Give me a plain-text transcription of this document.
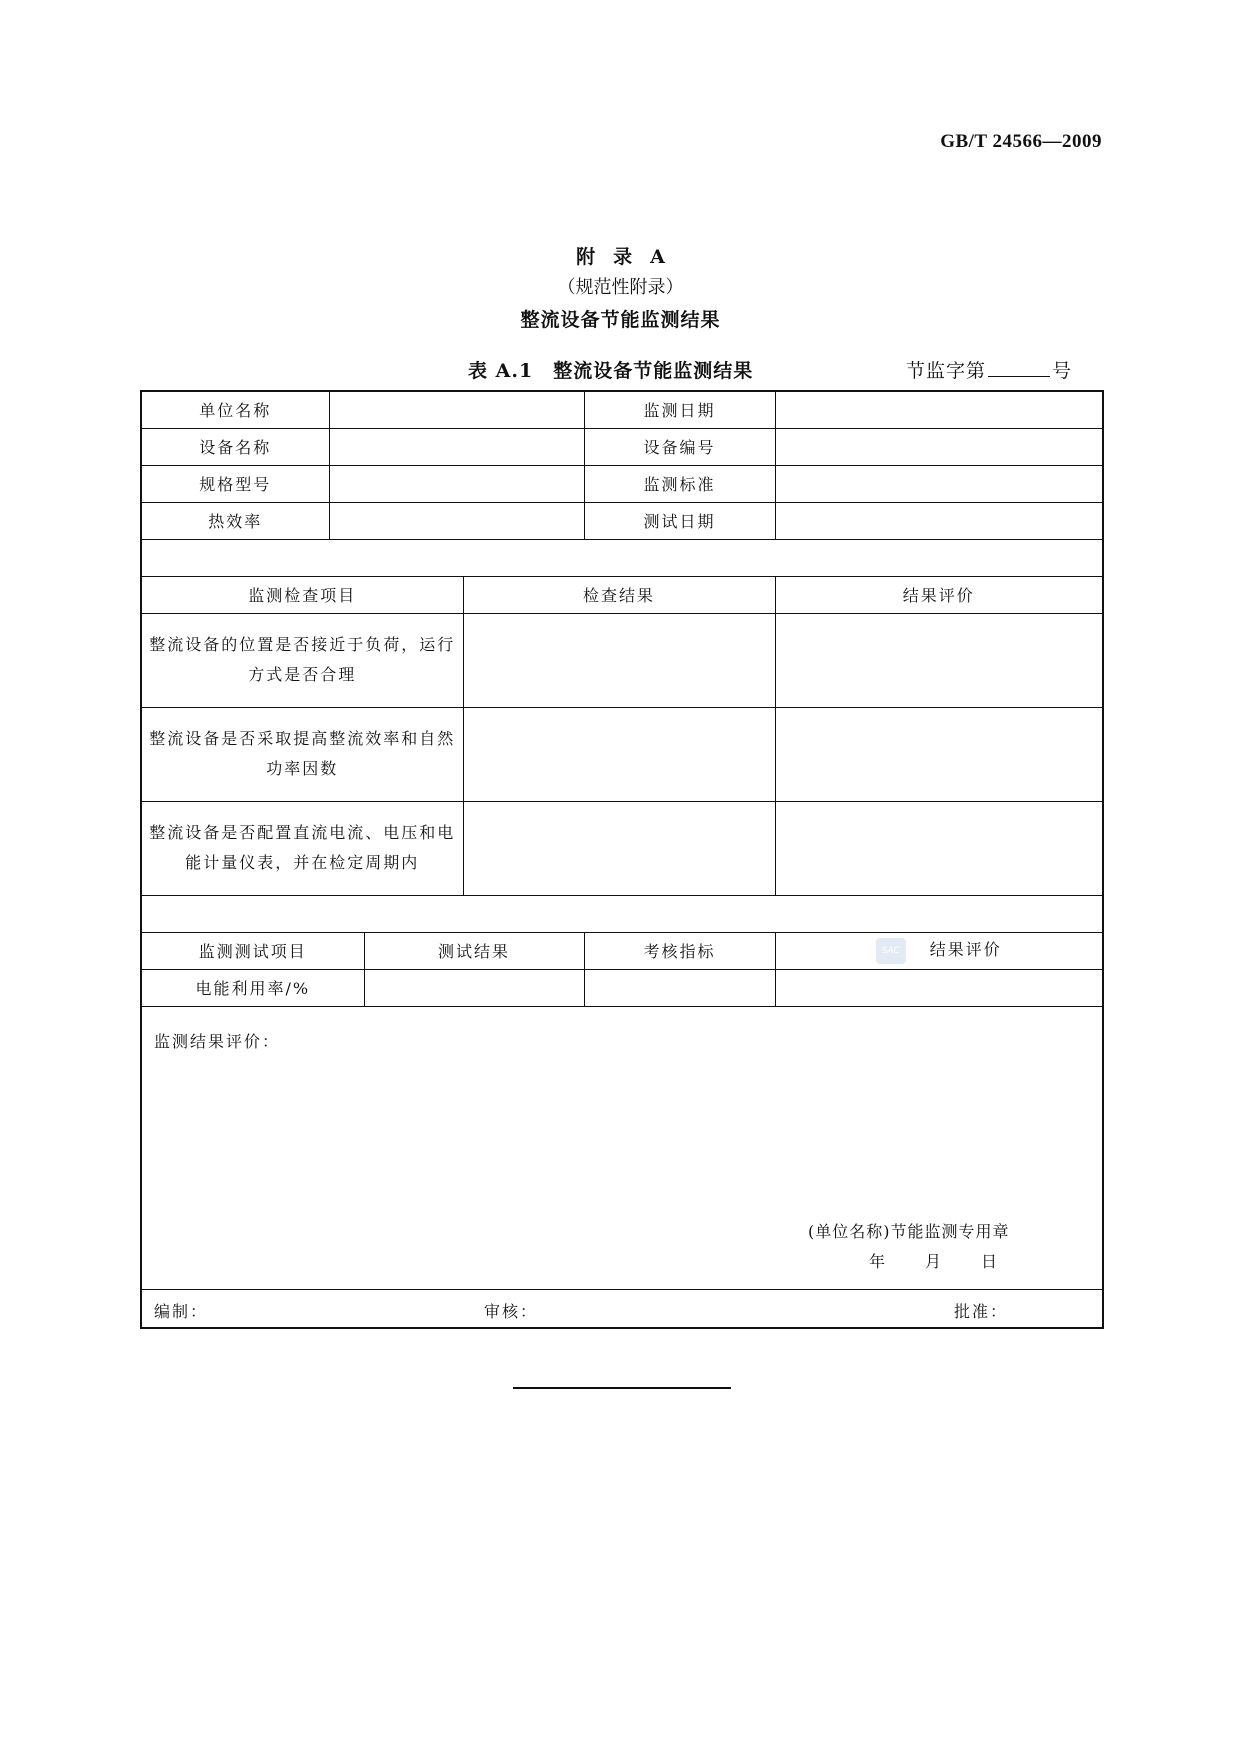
GB/T 24566—2009
附录A
（规范性附录）
整流设备节能监测结果
表 A.1　整流设备节能监测结果	节监字第	号
单位名称				监测日期	
设备名称				设备编号	
规格型号				监测标准	
热效率				测试日期	

监测检查项目			检查结果		结果评价
整流设备的位置是否接近于负荷，运行方式是否合理					
整流设备是否采取提高整流效率和自然功率因数					
整流设备是否配置直流电流、电压和电能计量仪表，并在检定周期内					

监测测试项目		测试结果		考核指标	SAC 结果评价
电能利用率/%					

监测结果评价：
(单位名称)节能监测专用章
年 月 日					

编制： 审核： 批准：					
